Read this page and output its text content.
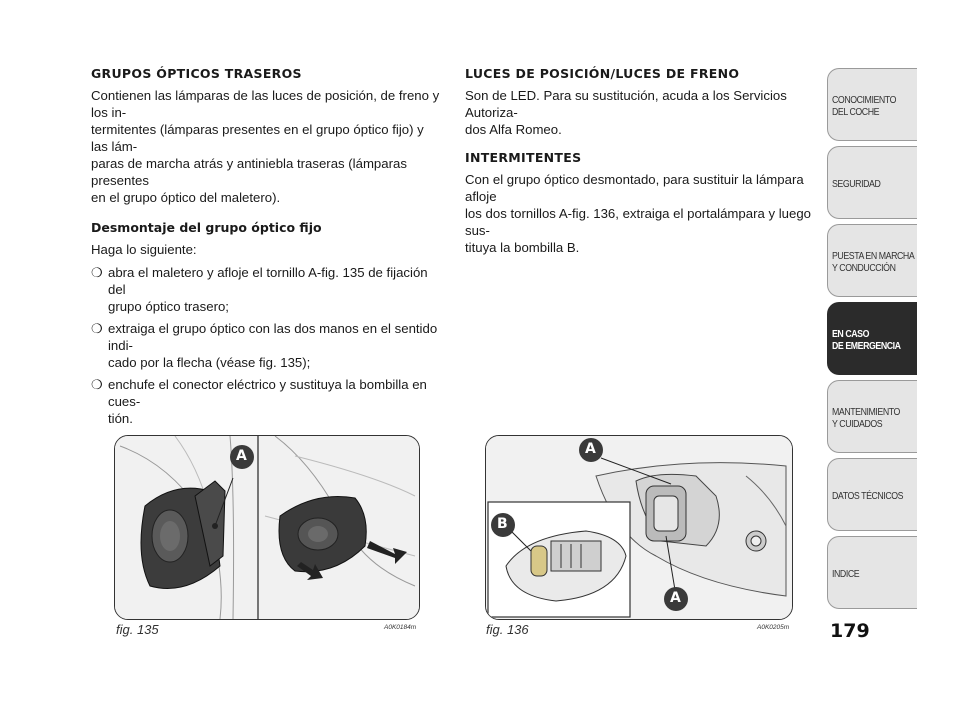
GRUPOS ÓPTICOS TRASEROS
Contienen las lámparas de las luces de posición, de freno y los in-
termitentes (lámparas presentes en el grupo óptico fijo) y las lám-
paras de marcha atrás y antiniebla traseras (lámparas presentes
en el grupo óptico del maletero).
Desmontaje del grupo óptico fijo

Haga lo siguiente:

❍ abra el maletero y afloje el tornillo A-fig. 135 de fijación del
grupo óptico trasero;
❍ extraiga el grupo óptico con las dos manos en el sentido indi-
cado por la flecha (véase fig. 135);
❍ enchufe el conector eléctrico y sustituya la bombilla en cues-
tión.
LUCES DE POSICIÓN/LUCES DE FRENO
Son de LED. Para su sustitución, acuda a los Servicios Autoriza-
dos Alfa Romeo.
INTERMITENTES
Con el grupo óptico desmontado, para sustituir la lámpara afloje
los dos tornillos A-fig. 136, extraiga el portalámpara y luego sus-
tituya la bombilla B.
A
fig. 135	A0K0184m
A
A
B
fig. 136	A0K0205m
CONOCIMIENTO
DEL COCHE
SEGURIDAD
PUESTA EN MARCHA
Y CONDUCCIÓN
EN CASO
DE EMERGENCIA
MANTENIMIENTO
Y CUIDADOS
DATOS TÉCNICOS
INDICE
179
